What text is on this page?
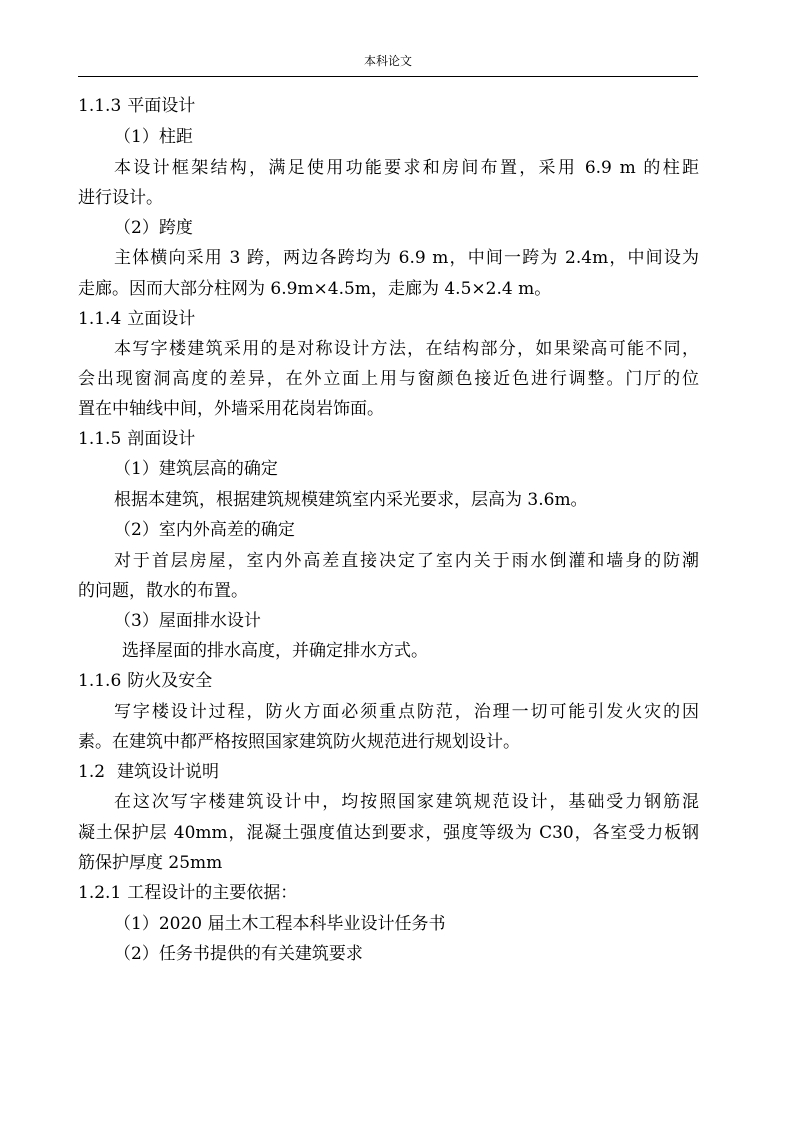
本科论文
1.1.3 平面设计
（1）柱距
本设计框架结构，满足使用功能要求和房间布置，采用 6.9 m 的柱距
进行设计。
（2）跨度
主体横向采用 3 跨，两边各跨均为 6.9 m，中间一跨为 2.4m，中间设为
走廊。因而大部分柱网为 6.9m×4.5m，走廊为 4.5×2.4 m。
1.1.4 立面设计
本写字楼建筑采用的是对称设计方法，在结构部分，如果梁高可能不同，
会出现窗洞高度的差异，在外立面上用与窗颜色接近色进行调整。门厅的位
置在中轴线中间，外墙采用花岗岩饰面。
1.1.5 剖面设计
（1）建筑层高的确定
根据本建筑，根据建筑规模建筑室内采光要求，层高为 3.6m。
（2）室内外高差的确定
对于首层房屋，室内外高差直接决定了室内关于雨水倒灌和墙身的防潮
的问题，散水的布置。
（3）屋面排水设计
选择屋面的排水高度，并确定排水方式。
1.1.6 防火及安全
写字楼设计过程，防火方面必须重点防范，治理一切可能引发火灾的因
素。在建筑中都严格按照国家建筑防火规范进行规划设计。
1.2 建筑设计说明
在这次写字楼建筑设计中，均按照国家建筑规范设计，基础受力钢筋混
凝土保护层 40mm，混凝土强度值达到要求，强度等级为 C30，各室受力板钢
筋保护厚度 25mm
1.2.1 工程设计的主要依据：
（1）2020 届土木工程本科毕业设计任务书
（2）任务书提供的有关建筑要求
